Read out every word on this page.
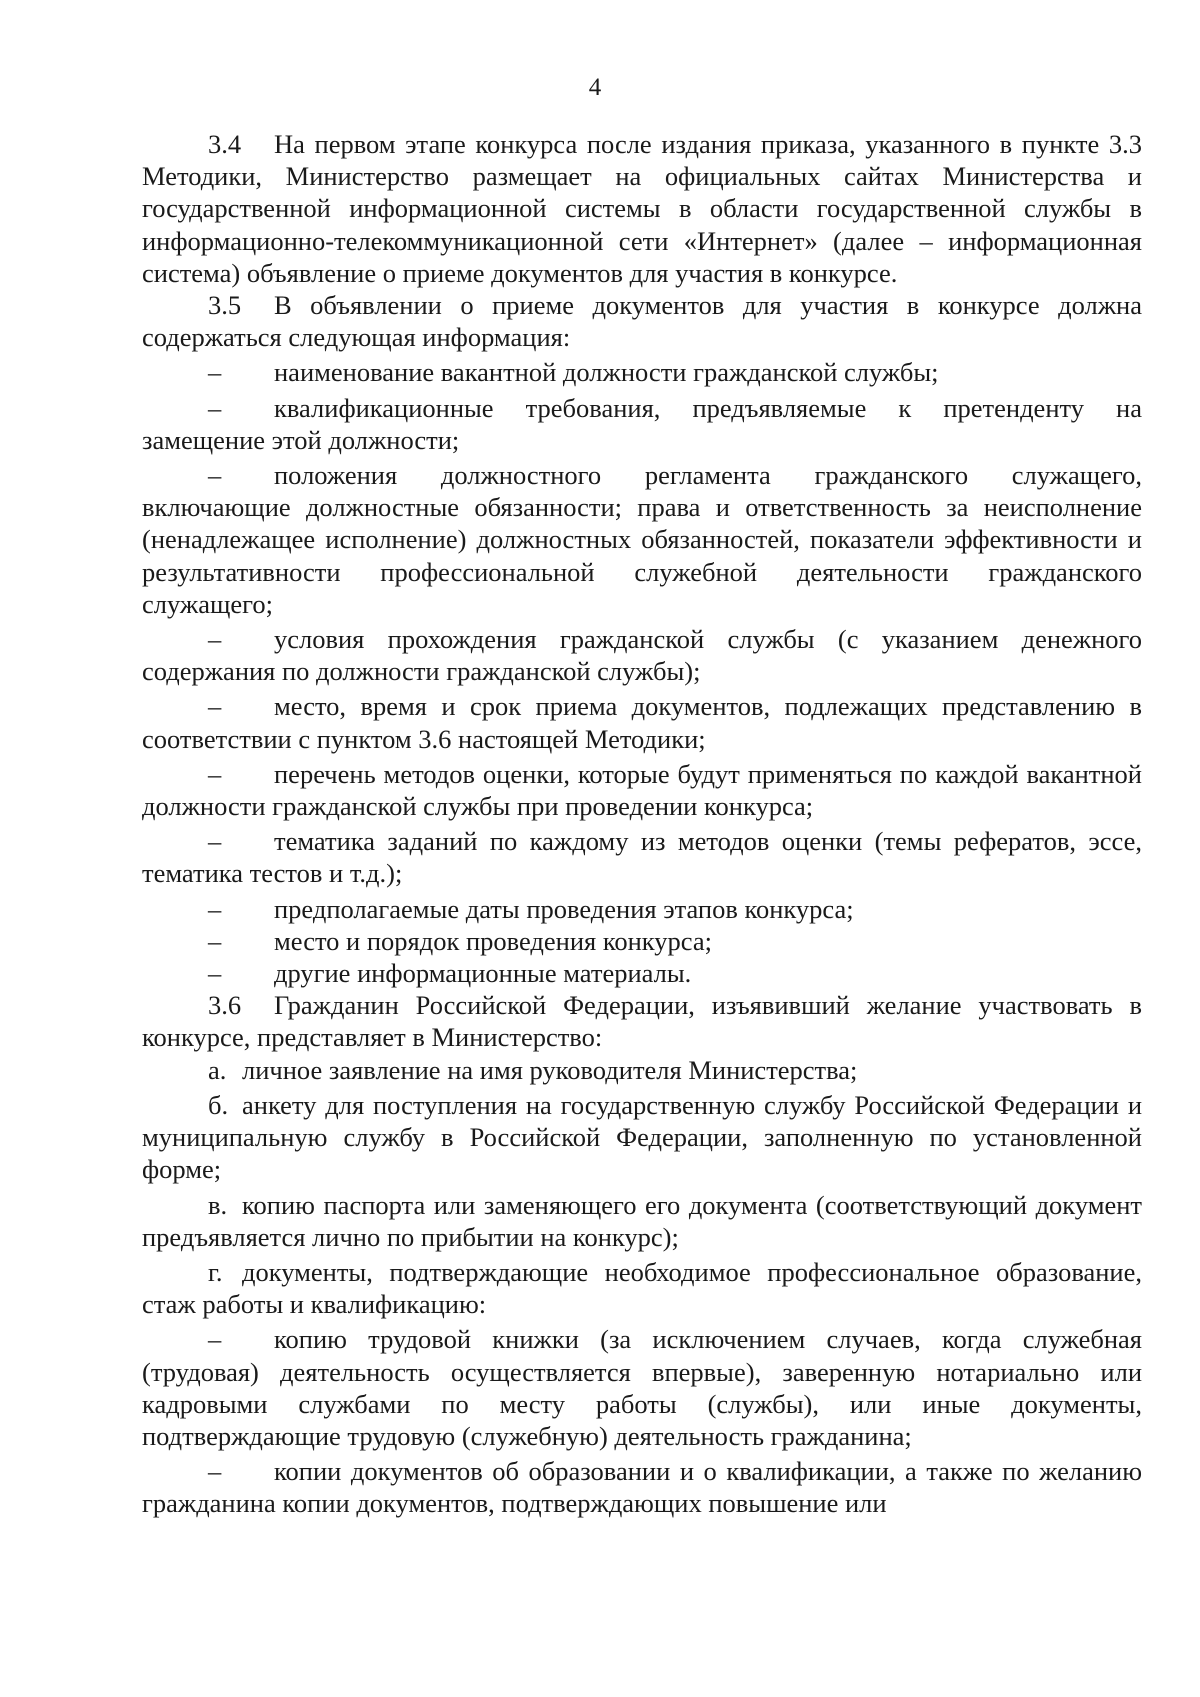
4

3.4 На первом этапе конкурса после издания приказа, указанного в пункте 3.3 Методики, Министерство размещает на официальных сайтах Министерства и государственной информационной системы в области государственной службы в информационно-телекоммуникационной сети «Интернет» (далее – информационная система) объявление о приеме документов для участия в конкурсе.

3.5 В объявлении о приеме документов для участия в конкурсе должна содержаться следующая информация:

– наименование вакантной должности гражданской службы;

– квалификационные требования, предъявляемые к претенденту на замещение этой должности;

– положения должностного регламента гражданского служащего, включающие должностные обязанности; права и ответственность за неисполнение (ненадлежащее исполнение) должностных обязанностей, показатели эффективности и результативности профессиональной служебной деятельности гражданского служащего;

– условия прохождения гражданской службы (с указанием денежного содержания по должности гражданской службы);

– место, время и срок приема документов, подлежащих представлению в соответствии с пунктом 3.6 настоящей Методики;

– перечень методов оценки, которые будут применяться по каждой вакантной должности гражданской службы при проведении конкурса;

– тематика заданий по каждому из методов оценки (темы рефератов, эссе, тематика тестов и т.д.);

– предполагаемые даты проведения этапов конкурса;

– место и порядок проведения конкурса;

– другие информационные материалы.

3.6 Гражданин Российской Федерации, изъявивший желание участвовать в конкурсе, представляет в Министерство:

а. личное заявление на имя руководителя Министерства;

б. анкету для поступления на государственную службу Российской Федерации и муниципальную службу в Российской Федерации, заполненную по установленной форме;

в. копию паспорта или заменяющего его документа (соответствующий документ предъявляется лично по прибытии на конкурс);

г. документы, подтверждающие необходимое профессиональное образование, стаж работы и квалификацию:

– копию трудовой книжки (за исключением случаев, когда служебная (трудовая) деятельность осуществляется впервые), заверенную нотариально или кадровыми службами по месту работы (службы), или иные документы, подтверждающие трудовую (служебную) деятельность гражданина;

– копии документов об образовании и о квалификации, а также по желанию гражданина копии документов, подтверждающих повышение или
